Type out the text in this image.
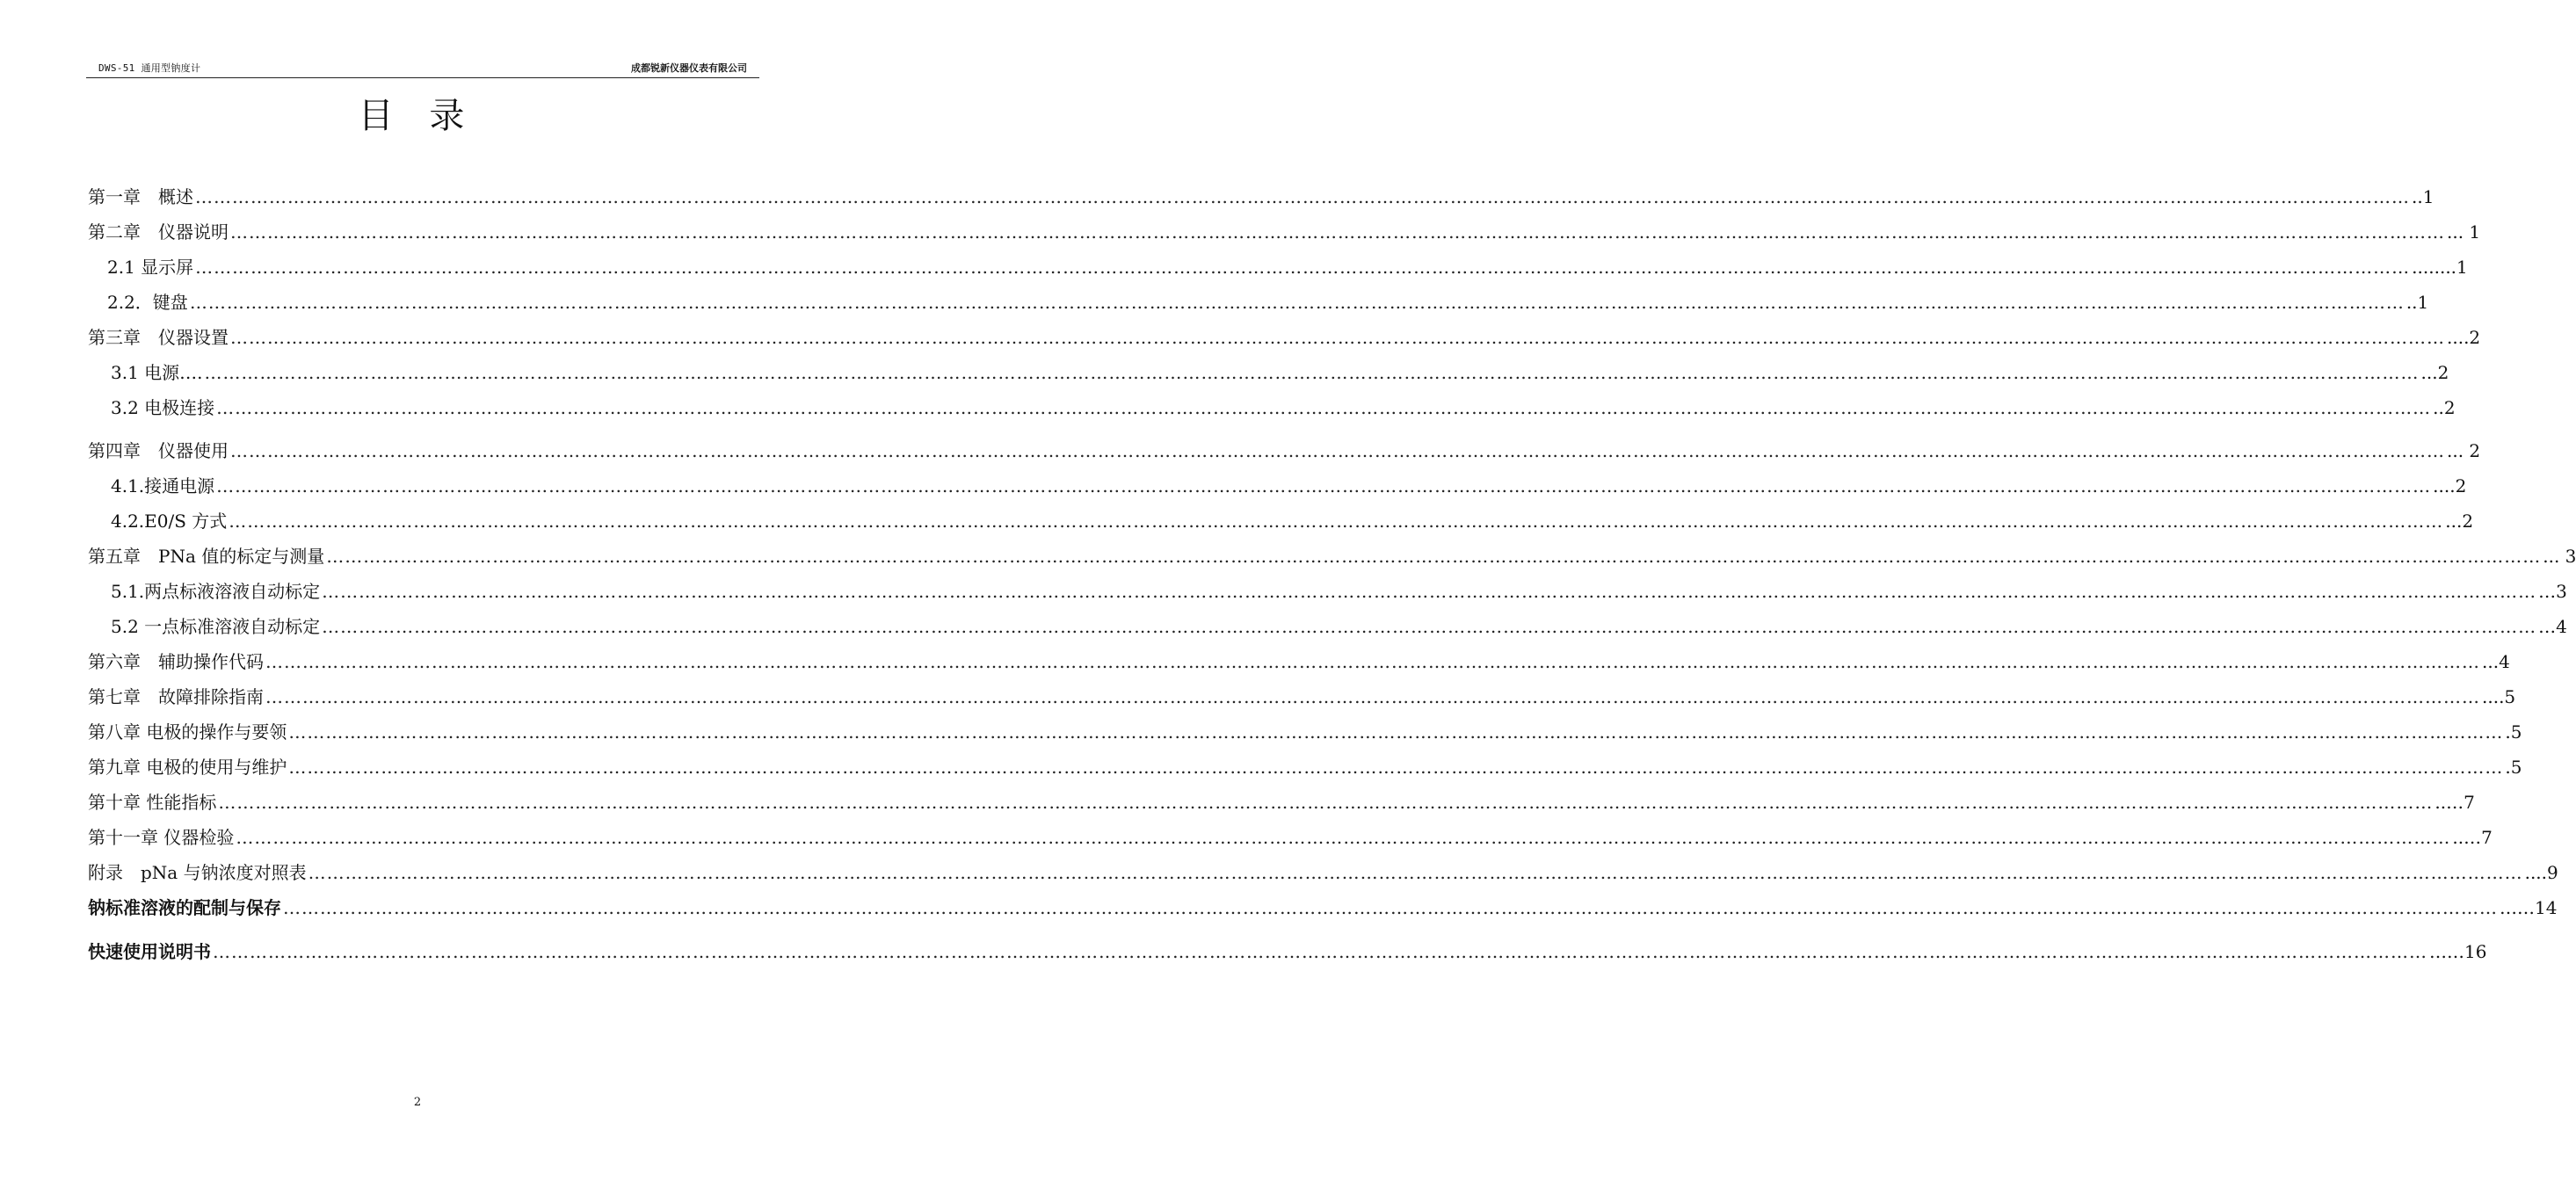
DWS-51 通用型钠度计	成都锐新仪器仪表有限公司
目 录
第一章　概述 ……………………………………………………………………………………………………………………………………………………………………………………………………………………………………………………………………………………………………………………………… ..1
第二章　仪器说明 ……………………………………………………………………………………………………………………………………………………………………………………………………………………………………………………………………………………………………………………………… ... 1
2.1 显示屏 ……………………………………………………………………………………………………………………………………………………………………………………………………………………………………………………………………………………………………………………………… ........1
2.2．键盘 ……………………………………………………………………………………………………………………………………………………………………………………………………………………………………………………………………………………………………………………………… ..1
第三章　仪器设置 ……………………………………………………………………………………………………………………………………………………………………………………………………………………………………………………………………………………………………………………………… ....2
3.1 电源…. ……………………………………………………………………………………………………………………………………………………………………………………………………………………………………………………………………………………………………………………………… ...2
3.2 电极连接 ……………………………………………………………………………………………………………………………………………………………………………………………………………………………………………………………………………………………………………………………… ..2
第四章　仪器使用 ……………………………………………………………………………………………………………………………………………………………………………………………………………………………………………………………………………………………………………………………… ... 2
4.1.接通电源 ……………………………………………………………………………………………………………………………………………………………………………………………………………………………………………………………………………………………………………………………… ....2
4.2.E0/S 方式 ……………………………………………………………………………………………………………………………………………………………………………………………………………………………………………………………………………………………………………………………… ...2
第五章　PNa 值的标定与测量 ……………………………………………………………………………………………………………………………………………………………………………………………………………………………………………………………………………………………………………………………… ... 3
5.1.两点标液溶液自动标定 ……………………………………………………………………………………………………………………………………………………………………………………………………………………………………………………………………………………………………………………………… …3
5.2 一点标准溶液自动标定 ……………………………………………………………………………………………………………………………………………………………………………………………………………………………………………………………………………………………………………………………… …4
第六章　辅助操作代码 ……………………………………………………………………………………………………………………………………………………………………………………………………………………………………………………………………………………………………………………………… ...4
第七章　故障排除指南 ……………………………………………………………………………………………………………………………………………………………………………………………………………………………………………………………………………………………………………………………… ....5
第八章 电极的操作与要领 ……………………………………………………………………………………………………………………………………………………………………………………………………………………………………………………………………………………………………………………………… .5
第九章 电极的使用与维护 ……………………………………………………………………………………………………………………………………………………………………………………………………………………………………………………………………………………………………………………………… .5
第十章 性能指标 ……………………………………………………………………………………………………………………………………………………………………………………………………………………………………………………………………………………………………………………………… ..…7
第十一章 仪器检验 ……………………………………………………………………………………………………………………………………………………………………………………………………………………………………………………………………………………………………………………………… ..…7
附录　pNa 与钠浓度对照表 ……………………………………………………………………………………………………………………………………………………………………………………………………………………………………………………………………………………………………………………………… ....9
钠标准溶液的配制与保存 ……………………………………………………………………………………………………………………………………………………………………………………………………………………………………………………………………………………………………………………………… ……14
快速使用说明书 ……………………………………………………………………………………………………………………………………………………………………………………………………………………………………………………………………………………………………………………………… ……16
2
